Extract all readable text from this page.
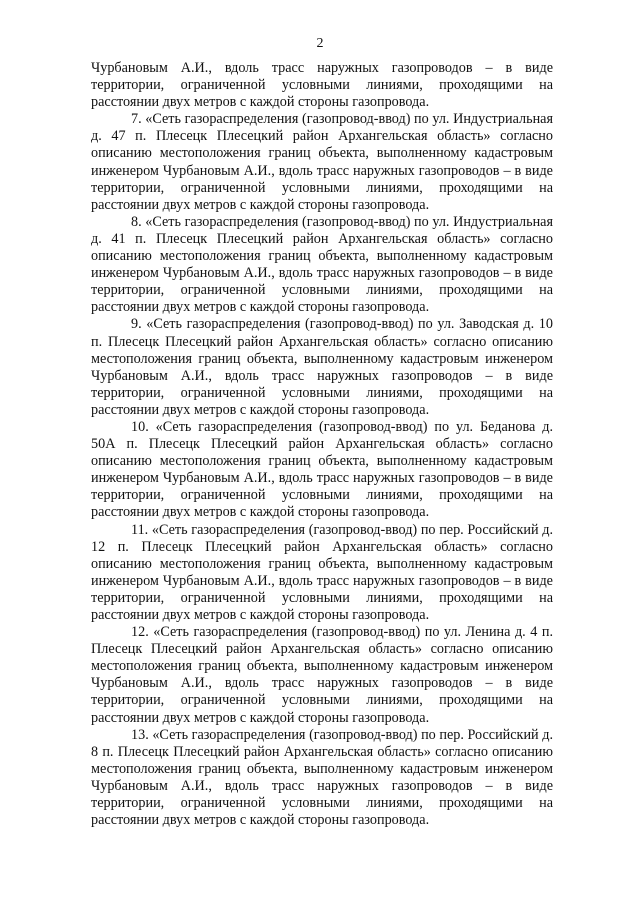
2

Чурбановым А.И., вдоль трасс наружных газопроводов – в виде территории, ограниченной условными линиями, проходящими на расстоянии двух метров с каждой стороны газопровода.

7. «Сеть газораспределения (газопровод-ввод) по ул. Индустриальная д. 47 п. Плесецк Плесецкий район Архангельская область» согласно описанию местоположения границ объекта, выполненному кадастровым инженером Чурбановым А.И., вдоль трасс наружных газопроводов – в виде территории, ограниченной условными линиями, проходящими на расстоянии двух метров с каждой стороны газопровода.

8. «Сеть газораспределения (газопровод-ввод) по ул. Индустриальная д. 41 п. Плесецк Плесецкий район Архангельская область» согласно описанию местоположения границ объекта, выполненному кадастровым инженером Чурбановым А.И., вдоль трасс наружных газопроводов – в виде территории, ограниченной условными линиями, проходящими на расстоянии двух метров с каждой стороны газопровода.

9. «Сеть газораспределения (газопровод-ввод) по ул. Заводская д. 10 п. Плесецк Плесецкий район Архангельская область» согласно описанию местоположения границ объекта, выполненному кадастровым инженером Чурбановым А.И., вдоль трасс наружных газопроводов – в виде территории, ограниченной условными линиями, проходящими на расстоянии двух метров с каждой стороны газопровода.

10. «Сеть газораспределения (газопровод-ввод) по ул. Беданова д. 50А п. Плесецк Плесецкий район Архангельская область» согласно описанию местоположения границ объекта, выполненному кадастровым инженером Чурбановым А.И., вдоль трасс наружных газопроводов – в виде территории, ограниченной условными линиями, проходящими на расстоянии двух метров с каждой стороны газопровода.

11. «Сеть газораспределения (газопровод-ввод) по пер. Российский д. 12 п. Плесецк Плесецкий район Архангельская область» согласно описанию местоположения границ объекта, выполненному кадастровым инженером Чурбановым А.И., вдоль трасс наружных газопроводов – в виде территории, ограниченной условными линиями, проходящими на расстоянии двух метров с каждой стороны газопровода.

12. «Сеть газораспределения (газопровод-ввод) по ул. Ленина д. 4 п. Плесецк Плесецкий район Архангельская область» согласно описанию местоположения границ объекта, выполненному кадастровым инженером Чурбановым А.И., вдоль трасс наружных газопроводов – в виде территории, ограниченной условными линиями, проходящими на расстоянии двух метров с каждой стороны газопровода.

13. «Сеть газораспределения (газопровод-ввод) по пер. Российский д. 8 п. Плесецк Плесецкий район Архангельская область» согласно описанию местоположения границ объекта, выполненному кадастровым инженером Чурбановым А.И., вдоль трасс наружных газопроводов – в виде территории, ограниченной условными линиями, проходящими на расстоянии двух метров с каждой стороны газопровода.
